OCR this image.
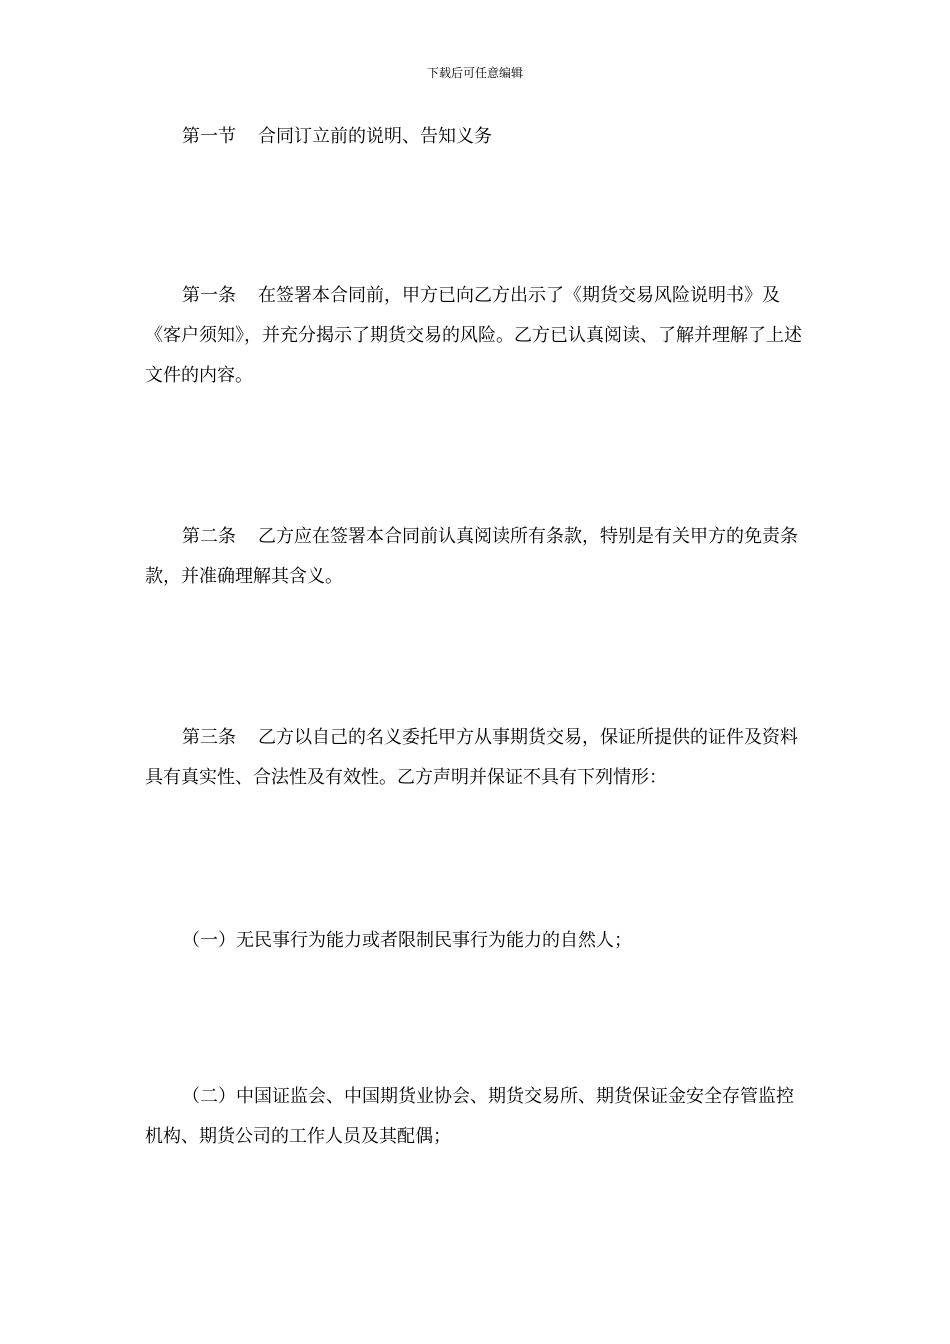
下载后可任意编辑

第一节 合同订立前的说明、告知义务

第一条 在签署本合同前，甲方已向乙方出示了《期货交易风险说明书》及《客户须知》，并充分揭示了期货交易的风险。乙方已认真阅读、了解并理解了上述文件的内容。

第二条 乙方应在签署本合同前认真阅读所有条款，特别是有关甲方的免责条款，并准确理解其含义。

第三条 乙方以自己的名义委托甲方从事期货交易，保证所提供的证件及资料具有真实性、合法性及有效性。乙方声明并保证不具有下列情形：

（一）无民事行为能力或者限制民事行为能力的自然人；

（二）中国证监会、中国期货业协会、期货交易所、期货保证金安全存管监控机构、期货公司的工作人员及其配偶；
